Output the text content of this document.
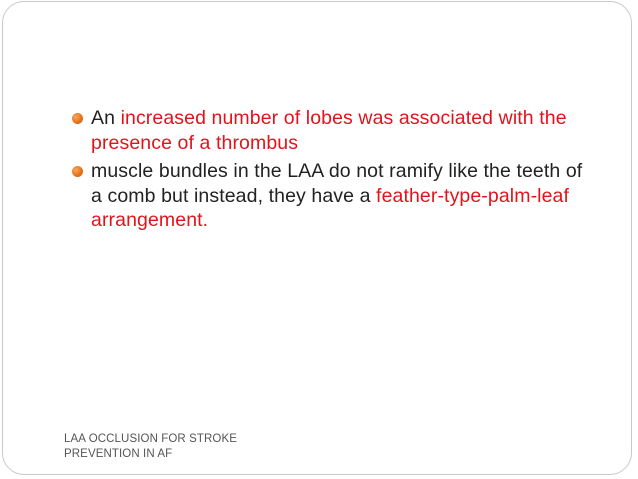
An increased number of lobes was associated with the presence of a thrombus
muscle bundles in the LAA do not ramify like the teeth of a comb but instead, they have a feather-type-palm-leaf arrangement.
LAA OCCLUSION FOR STROKE
PREVENTION IN AF
